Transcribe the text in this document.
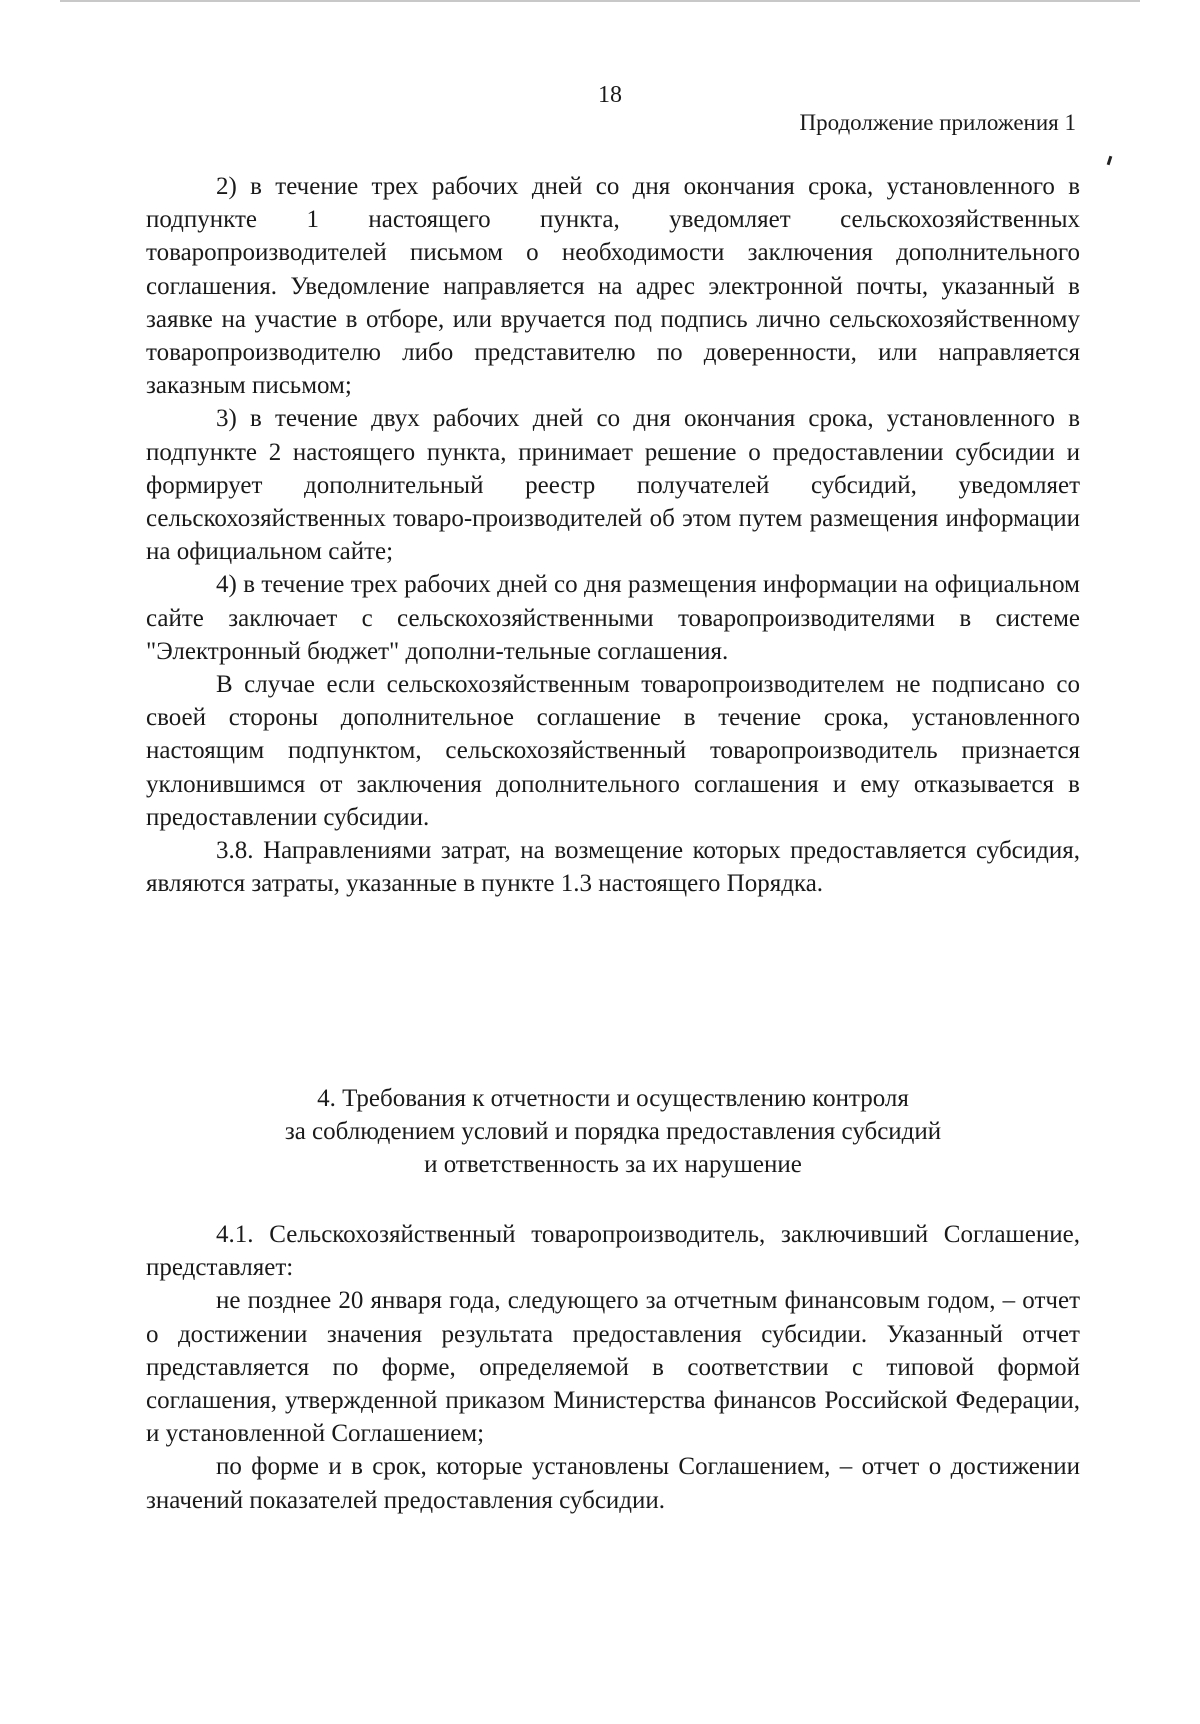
18
Продолжение приложения 1

2) в течение трех рабочих дней со дня окончания срока, установленного в подпункте 1 настоящего пункта, уведомляет сельскохозяйственных товаропроизводителей письмом о необходимости заключения дополнительного соглашения. Уведомление направляется на адрес электронной почты, указанный в заявке на участие в отборе, или вручается под подпись лично сельскохозяйственному товаропроизводителю либо представителю по доверенности, или направляется заказным письмом;

3) в течение двух рабочих дней со дня окончания срока, установленного в подпункте 2 настоящего пункта, принимает решение о предоставлении субсидии и формирует дополнительный реестр получателей субсидий, уведомляет сельскохозяйственных товаро-производителей об этом путем размещения информации на официальном сайте;

4) в течение трех рабочих дней со дня размещения информации на официальном сайте заключает с сельскохозяйственными товаропроизводителями в системе "Электронный бюджет" дополни-тельные соглашения.

В случае если сельскохозяйственным товаропроизводителем не подписано со своей стороны дополнительное соглашение в течение срока, установленного настоящим подпунктом, сельскохозяйственный товаропроизводитель признается уклонившимся от заключения дополнительного соглашения и ему отказывается в предоставлении субсидии.

3.8. Направлениями затрат, на возмещение которых предоставляется субсидия, являются затраты, указанные в пункте 1.3 настоящего Порядка.

4. Требования к отчетности и осуществлению контроля
за соблюдением условий и порядка предоставления субсидий
и ответственность за их нарушение

4.1. Сельскохозяйственный товаропроизводитель, заключивший Соглашение, представляет:

не позднее 20 января года, следующего за отчетным финансовым годом, – отчет о достижении значения результата предоставления субсидии. Указанный отчет представляется по форме, определяемой в соответствии с типовой формой соглашения, утвержденной приказом Министерства финансов Российской Федерации, и установленной Соглашением;

по форме и в срок, которые установлены Соглашением, – отчет о достижении значений показателей предоставления субсидии.
